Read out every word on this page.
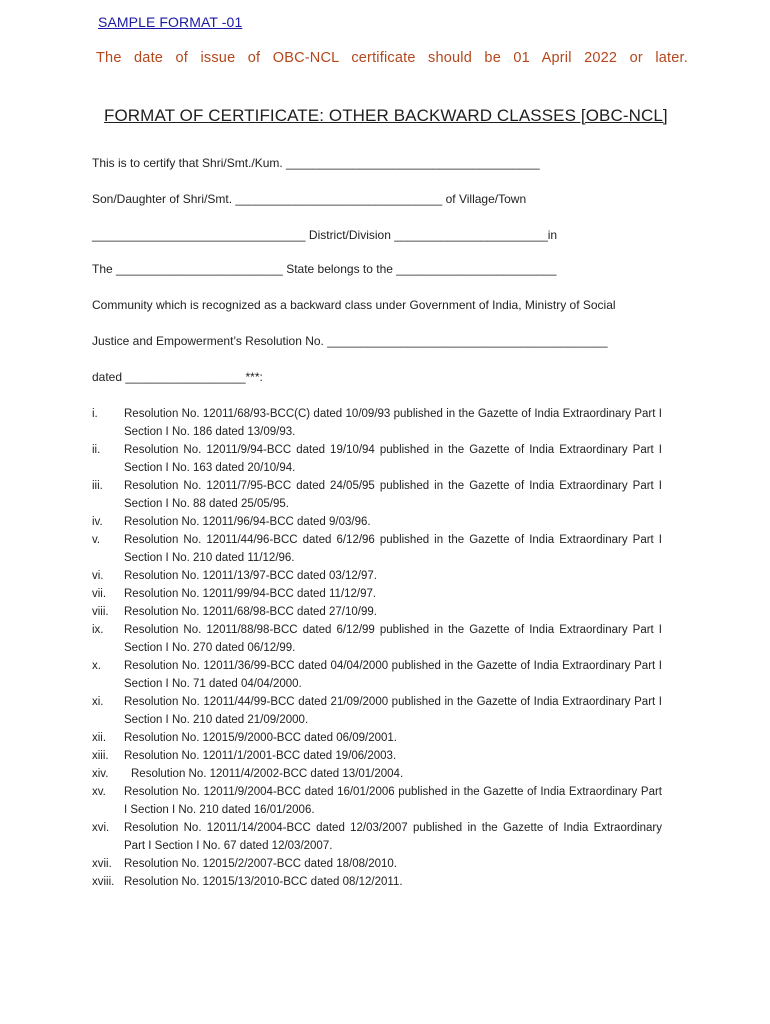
SAMPLE FORMAT -01
The date of issue of OBC-NCL certificate should be 01 April 2022 or later.
FORMAT OF CERTIFICATE: OTHER BACKWARD CLASSES [OBC-NCL]
This is to certify that Shri/Smt./Kum. ______________________________________
Son/Daughter of Shri/Smt. _______________________________ of Village/Town
________________________________ District/Division _______________________in
The _________________________ State belongs to the ________________________
Community which is recognized as a backward class under Government of India, Ministry of Social
Justice and Empowerment’s Resolution No. __________________________________________
dated __________________***:
i.	Resolution No. 12011/68/93-BCC(C) dated 10/09/93 published in the Gazette of India Extraordinary Part I Section I No. 186 dated 13/09/93.
ii.	Resolution No. 12011/9/94-BCC dated 19/10/94 published in the Gazette of India Extraordinary Part I Section I No. 163 dated 20/10/94.
iii.	Resolution No. 12011/7/95-BCC dated 24/05/95 published in the Gazette of India Extraordinary Part I Section I No. 88 dated 25/05/95.
iv.	Resolution No. 12011/96/94-BCC dated 9/03/96.
v.	Resolution No. 12011/44/96-BCC dated 6/12/96 published in the Gazette of India Extraordinary Part I Section I No. 210 dated 11/12/96.
vi.	Resolution No. 12011/13/97-BCC dated 03/12/97.
vii.	Resolution No. 12011/99/94-BCC dated 11/12/97.
viii.	Resolution No. 12011/68/98-BCC dated 27/10/99.
ix.	Resolution No. 12011/88/98-BCC dated 6/12/99 published in the Gazette of India Extraordinary Part I Section I No. 270 dated 06/12/99.
x.	Resolution No. 12011/36/99-BCC dated 04/04/2000 published in the Gazette of India Extraordinary Part I Section I No. 71 dated 04/04/2000.
xi.	Resolution No. 12011/44/99-BCC dated 21/09/2000 published in the Gazette of India Extraordinary Part I Section I No. 210 dated 21/09/2000.
xii.	Resolution No. 12015/9/2000-BCC dated 06/09/2001.
xiii.	Resolution No. 12011/1/2001-BCC dated 19/06/2003.
xiv.	Resolution No. 12011/4/2002-BCC dated 13/01/2004.
xv.	Resolution No. 12011/9/2004-BCC dated 16/01/2006 published in the Gazette of India Extraordinary Part I Section I No. 210 dated 16/01/2006.
xvi.	Resolution No. 12011/14/2004-BCC dated 12/03/2007 published in the Gazette of India Extraordinary Part I Section I No. 67 dated 12/03/2007.
xvii.	Resolution No. 12015/2/2007-BCC dated 18/08/2010.
xviii. Resolution No. 12015/13/2010-BCC dated 08/12/2011.
